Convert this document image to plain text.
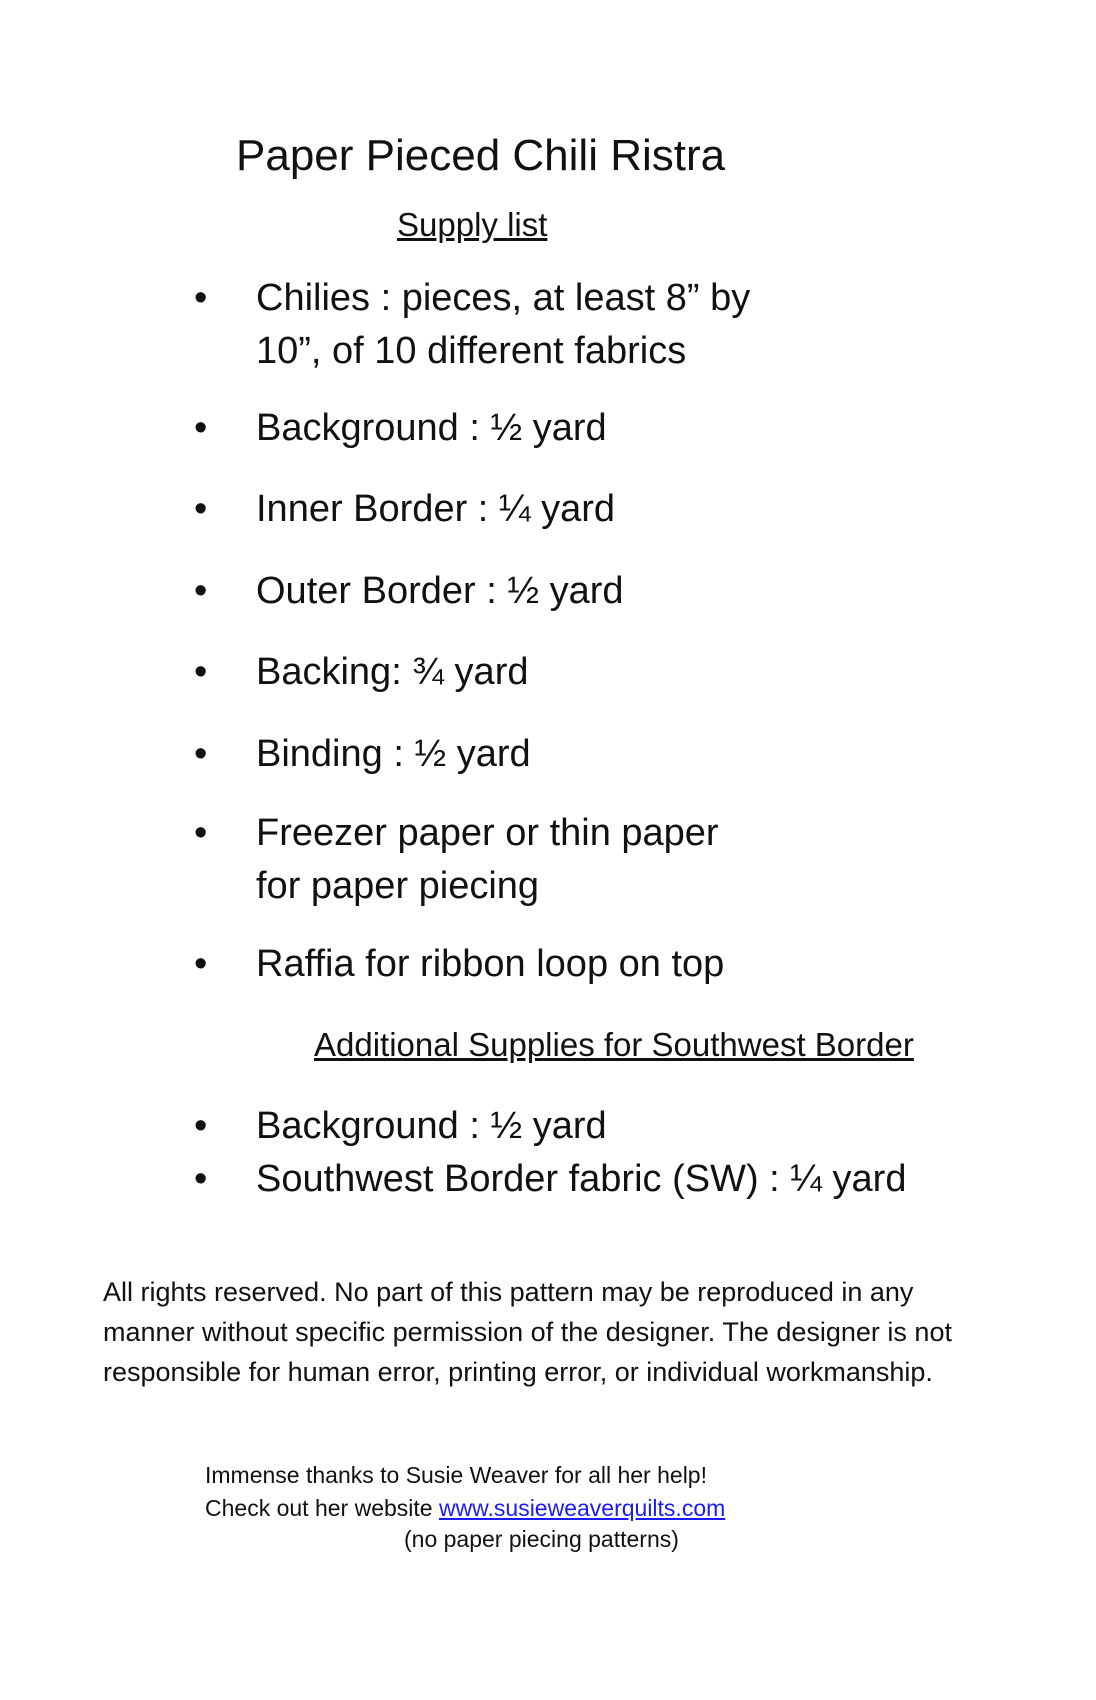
Paper Pieced Chili Ristra
Supply list
•	Chilies : pieces, at least 8” by
10”, of 10 different fabrics
•	Background : ½ yard
•	Inner Border : ¼ yard
•	Outer Border : ½ yard
•	Backing: ¾ yard
•	Binding : ½ yard
•	Freezer paper or thin paper
for paper piecing
•	Raffia for ribbon loop on top
Additional Supplies for Southwest Border
•	Background : ½ yard
•	Southwest Border fabric (SW) : ¼ yard
All rights reserved. No part of this pattern may be reproduced in any manner without specific permission of the designer. The designer is not responsible for human error, printing error, or individual workmanship.
Immense thanks to Susie Weaver for all her help!
Check out her website www.susieweaverquilts.com
(no paper piecing patterns)
